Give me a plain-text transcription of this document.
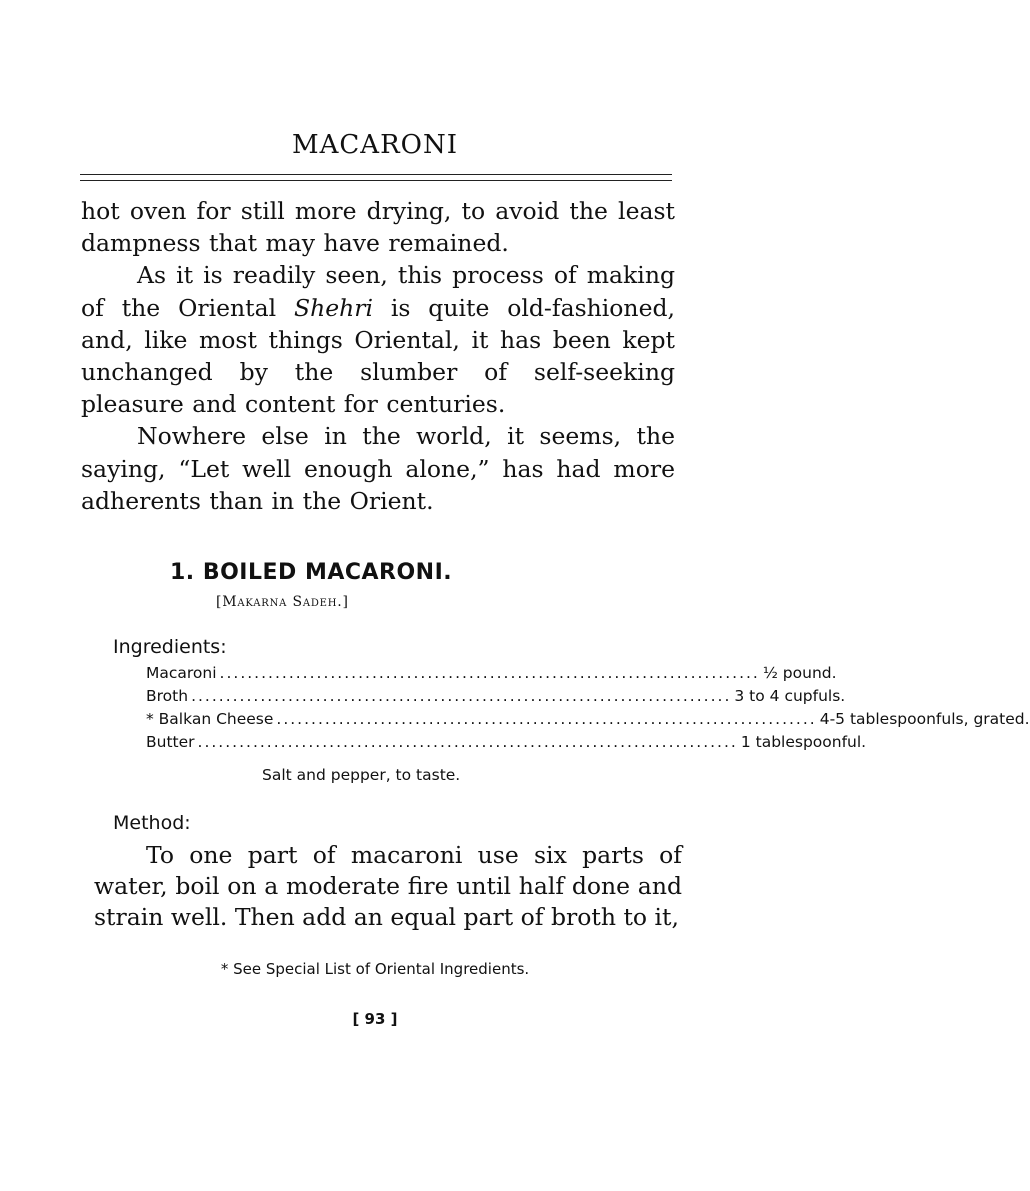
MACARONI

hot oven for still more drying, to avoid the least dampness that may have remained.

As it is readily seen, this process of making of the Oriental Shehri is quite old-fashioned, and, like most things Oriental, it has been kept unchanged by the slumber of self-seeking pleasure and content for centuries.

Nowhere else in the world, it seems, the saying, “Let well enough alone,” has had more adherents than in the Orient.

1. BOILED MACARONI.
[Makarna Sadeh.]
Ingredients:
Macaroni .............................................................................. ½ pound.
Broth .............................................................................. 3 to 4 cupfuls.
* Balkan Cheese .............................................................................. 4-5 tablespoonfuls, grated.
Butter .............................................................................. 1 tablespoonful.
Salt and pepper, to taste.
Method:

To one part of macaroni use six parts of water, boil on a moderate fire until half done and strain well. Then add an equal part of broth to it,

* See Special List of Oriental Ingredients.
[ 93 ]
